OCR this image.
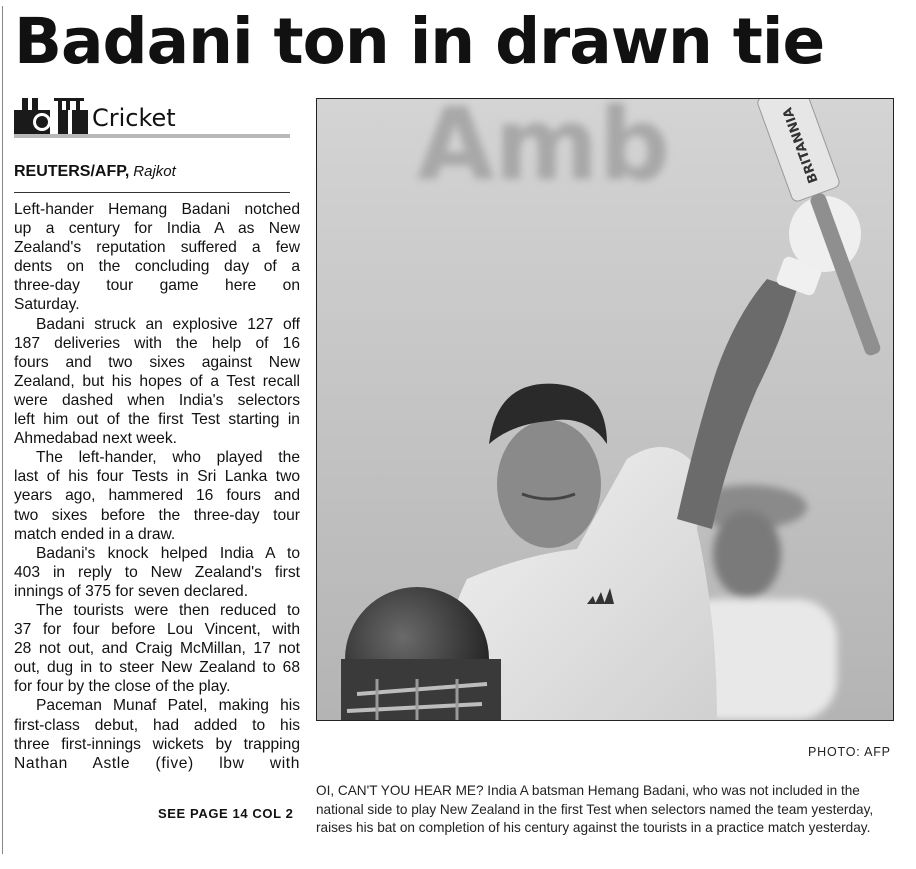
Badani ton in drawn tie
Cricket
REUTERS/AFP, Rajkot
Left-hander Hemang Badani notched
up a century for India A as New
Zealand's reputation suffered a few
dents on the concluding day of a
three-day tour game here on
Saturday.
Badani struck an explosive 127 off
187 deliveries with the help of 16
fours and two sixes against New
Zealand, but his hopes of a Test recall
were dashed when India's selectors
left him out of the first Test starting in
Ahmedabad next week.
The left-hander, who played the
last of his four Tests in Sri Lanka two
years ago, hammered 16 fours and
two sixes before the three-day tour
match ended in a draw.
Badani's knock helped India A to
403 in reply to New Zealand's first
innings of 375 for seven declared.
The tourists were then reduced to
37 for four before Lou Vincent, with
28 not out, and Craig McMillan, 17 not
out, dug in to steer New Zealand to 68
for four by the close of the play.
Paceman Munaf Patel, making his
first-class debut, had added to his
three first-innings wickets by trapping
Nathan Astle (five) lbw with
SEE PAGE 14 COL 2
Amb	BRITANNIA
PHOTO: AFP
OI, CAN'T YOU HEAR ME? India A batsman Hemang Badani, who was not included in the
national side to play New Zealand in the first Test when selectors named the team yesterday,
raises his bat on completion of his century against the tourists in a practice match yesterday.
